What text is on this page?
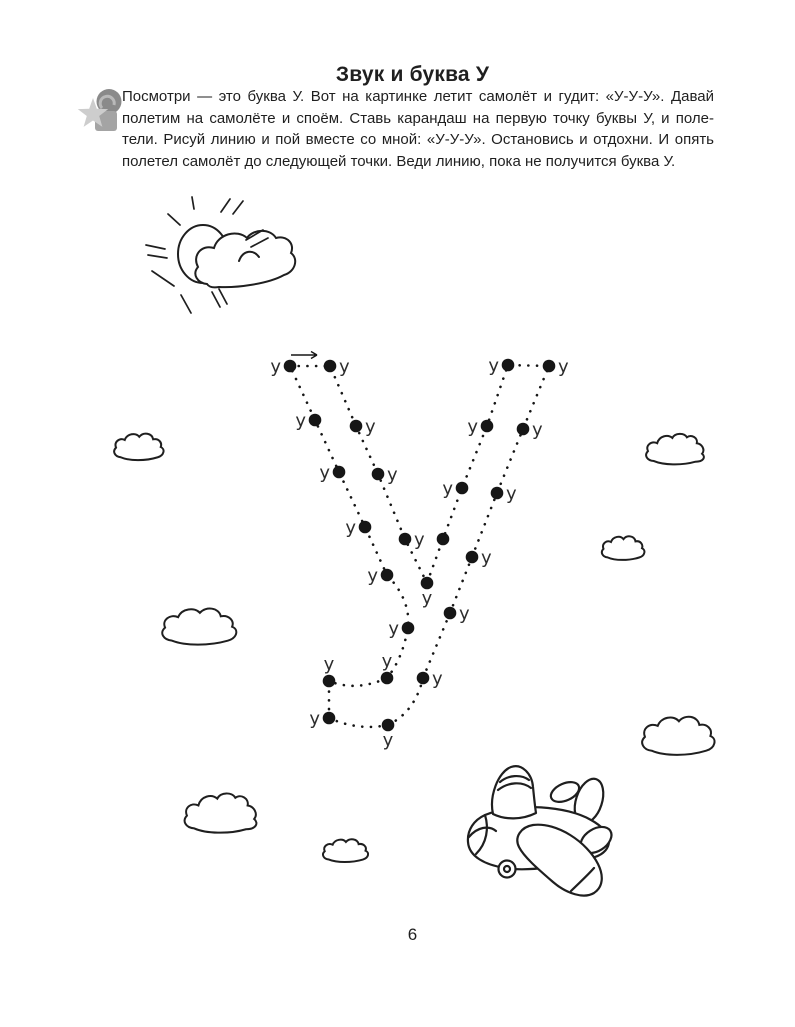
Звук и буква У
Посмотри — это буква У. Вот на картинке летит самолёт и гудит: «У-У-У». Давай
полетим на самолёте и споём. Ставь карандаш на первую точку буквы У, и поле-
тели. Рисуй линию и пой вместе со мной: «У-У-У». Остановись и отдохни. И опять
полетел самолёт до следующей точки. Веди линию, пока не получится буква У.
у	у
у
у
у
у
у
у
у	у
у
у
у
у
у
у
у
у	у
у
у
у
у
у
6
